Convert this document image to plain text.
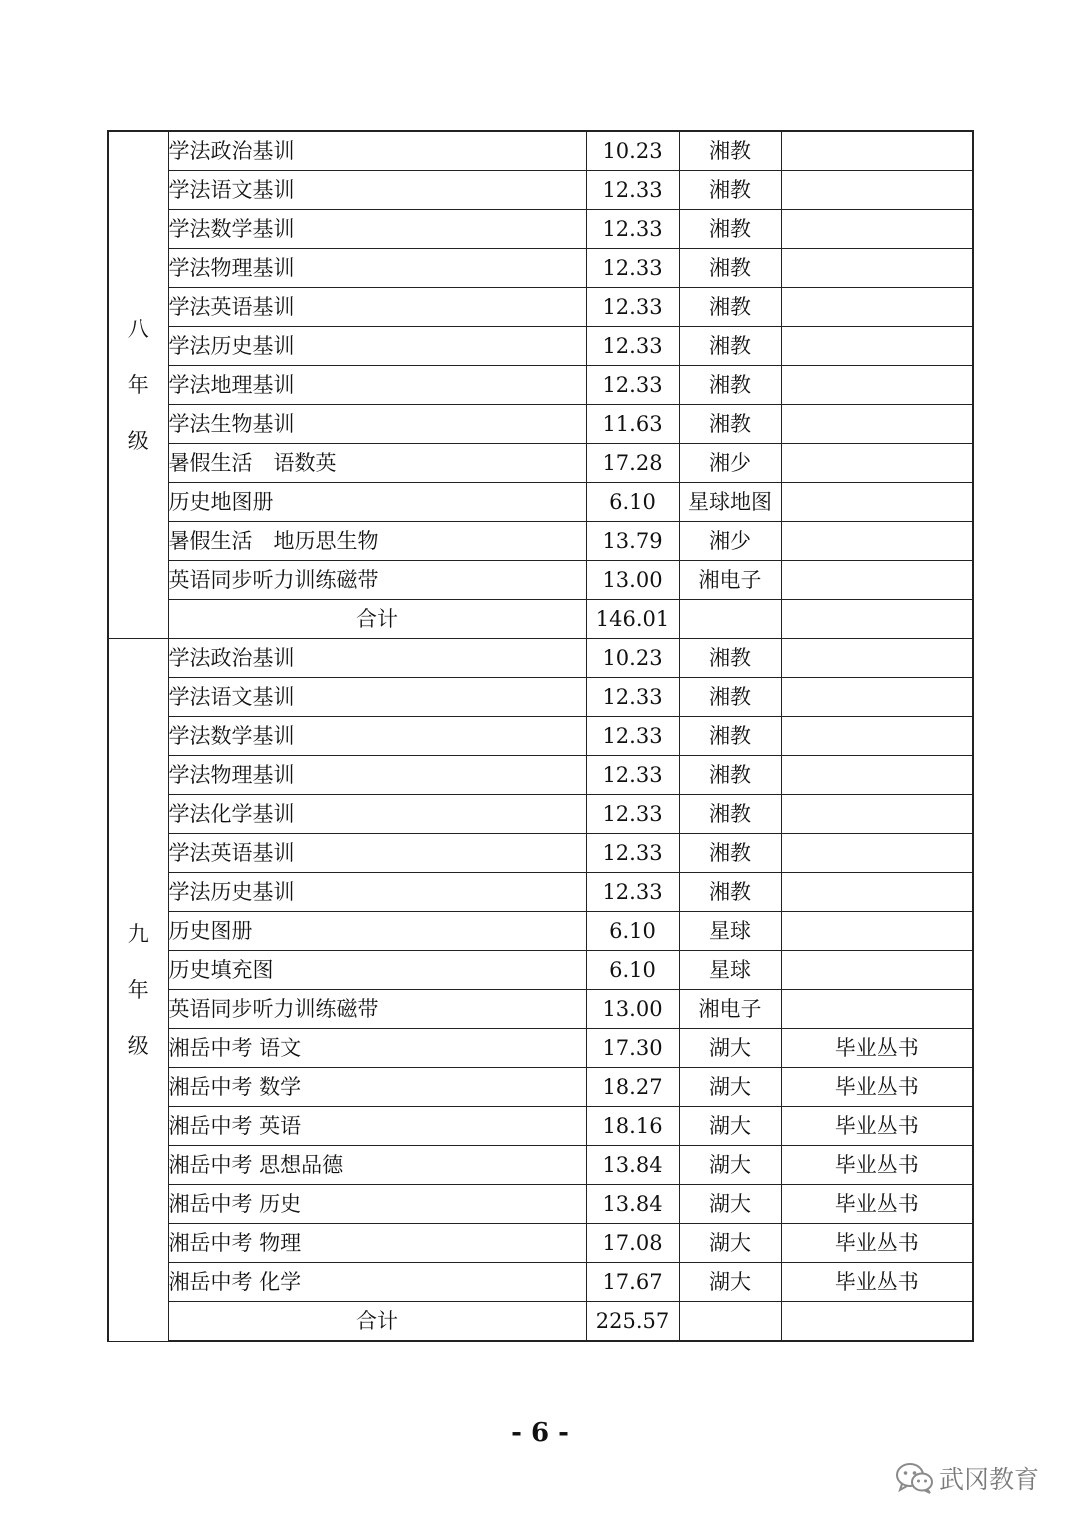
八
年
级	学法政治基训	10.23	湘教	
	学法语文基训	12.33	湘教	
	学法数学基训	12.33	湘教	
	学法物理基训	12.33	湘教	
	学法英语基训	12.33	湘教	
	学法历史基训	12.33	湘教	
	学法地理基训	12.33	湘教	
	学法生物基训	11.63	湘教	
	暑假生活　语数英	17.28	湘少	
	历史地图册	6.10	星球地图	
	暑假生活　地历思生物	13.79	湘少	
	英语同步听力训练磁带	13.00	湘电子	
	合计	146.01		

九
年
级	学法政治基训	10.23	湘教	
	学法语文基训	12.33	湘教	
	学法数学基训	12.33	湘教	
	学法物理基训	12.33	湘教	
	学法化学基训	12.33	湘教	
	学法英语基训	12.33	湘教	
	学法历史基训	12.33	湘教	
	历史图册	6.10	星球	
	历史填充图	6.10	星球	
	英语同步听力训练磁带	13.00	湘电子	
	湘岳中考 语文	17.30	湖大	毕业丛书
	湘岳中考 数学	18.27	湖大	毕业丛书
	湘岳中考 英语	18.16	湖大	毕业丛书
	湘岳中考 思想品德	13.84	湖大	毕业丛书
	湘岳中考 历史	13.84	湖大	毕业丛书
	湘岳中考 物理	17.08	湖大	毕业丛书
	湘岳中考 化学	17.67	湖大	毕业丛书
	合计	225.57		
- 6 -
武冈教育
